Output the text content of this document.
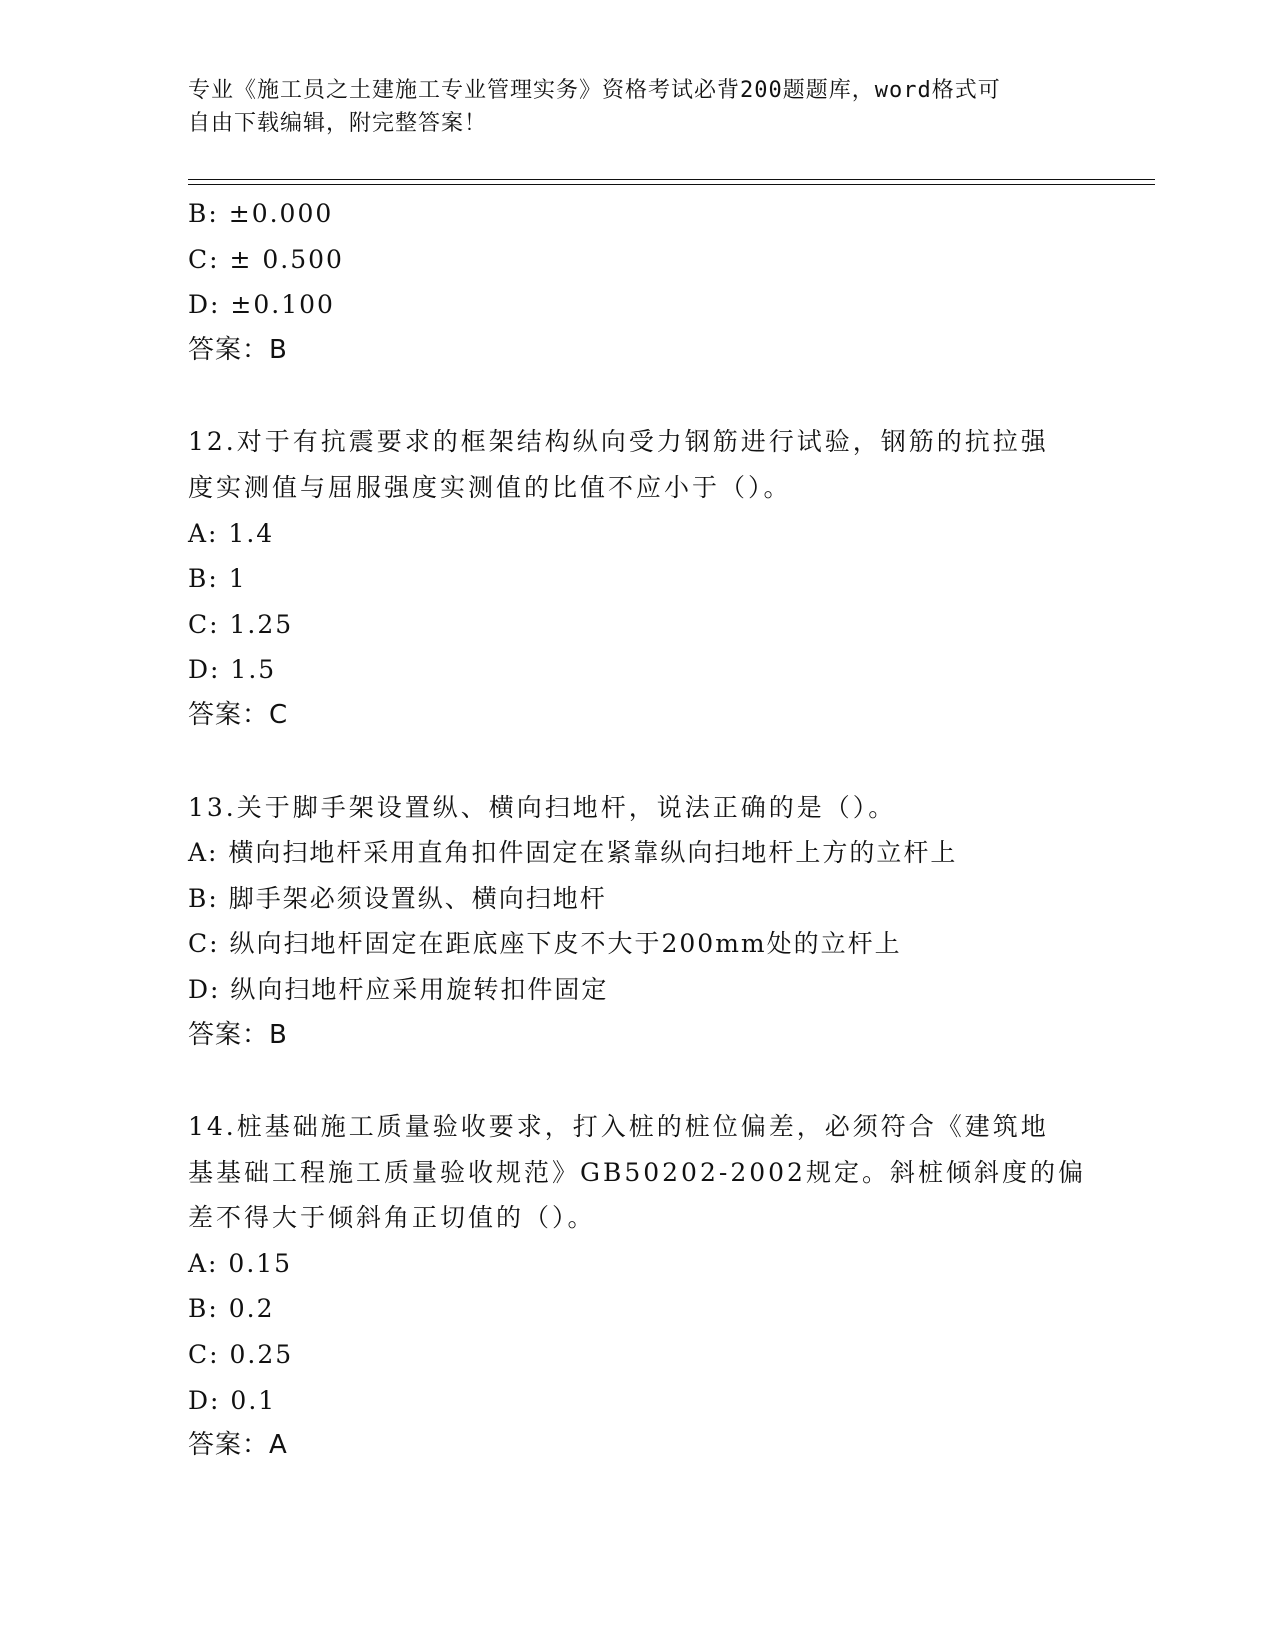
专业《施工员之土建施工专业管理实务》资格考试必背200题题库，word格式可
自由下载编辑，附完整答案！
B: ±0.000
C: ± 0.500
D: ±0.100
答案：B
12.对于有抗震要求的框架结构纵向受力钢筋进行试验，钢筋的抗拉强
度实测值与屈服强度实测值的比值不应小于（）。
A: 1.4
B: 1
C: 1.25
D: 1.5
答案：C
13.关于脚手架设置纵、横向扫地杆，说法正确的是（）。
A: 横向扫地杆采用直角扣件固定在紧靠纵向扫地杆上方的立杆上
B: 脚手架必须设置纵、横向扫地杆
C: 纵向扫地杆固定在距底座下皮不大于200mm处的立杆上
D: 纵向扫地杆应采用旋转扣件固定
答案：B
14.桩基础施工质量验收要求，打入桩的桩位偏差，必须符合《建筑地
基基础工程施工质量验收规范》GB50202-2002规定。斜桩倾斜度的偏
差不得大于倾斜角正切值的（）。
A: 0.15
B: 0.2
C: 0.25
D: 0.1
答案：A
